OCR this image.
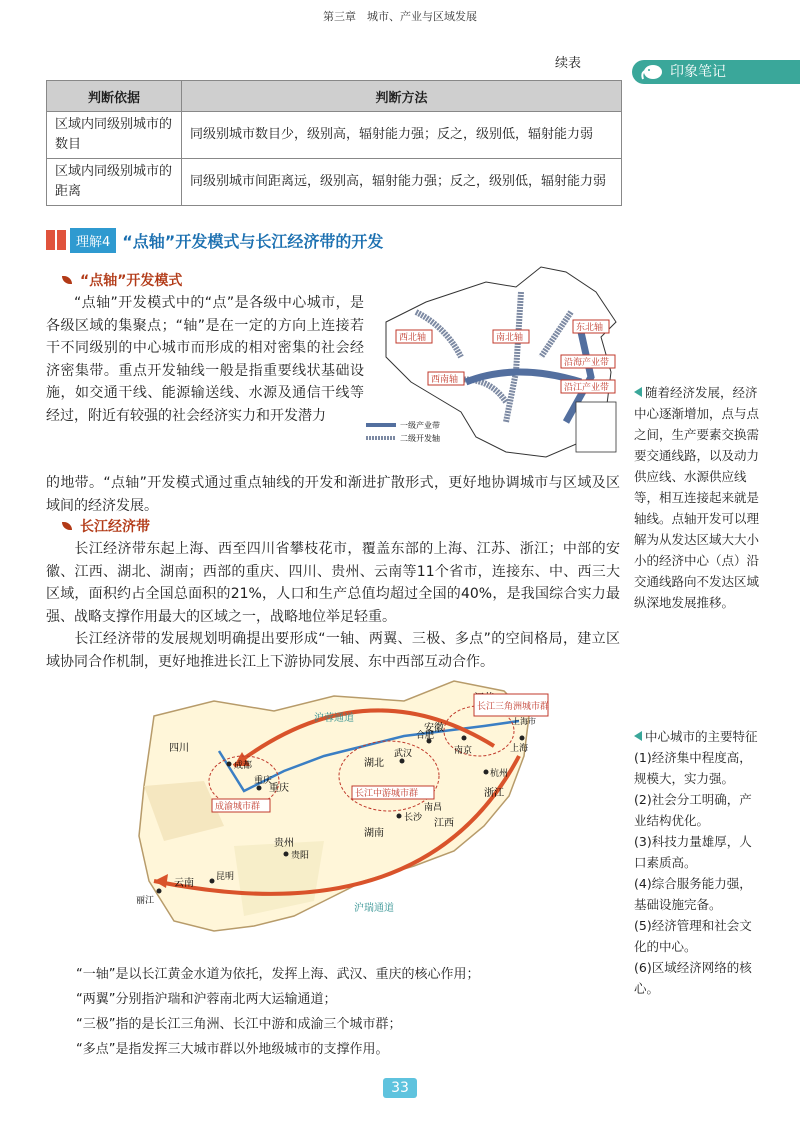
第三章　城市、产业与区域发展
续表
印象笔记
判断依据	判断方法
区域内同级别城市的数目	同级别城市数目少，级别高，辐射能力强；反之，级别低，辐射能力弱
区域内同级别城市的距离	同级别城市间距离远，级别高，辐射能力强；反之，级别低，辐射能力弱
理解4 “点轴”开发模式与长江经济带的开发
“点轴”开发模式
“点轴”开发模式中的“点”是各级中心城市，是各级区域的集聚点；“轴”是在一定的方向上连接若干不同级别的中心城市而形成的相对密集的社会经济密集带。重点开发轴线一般是指重要线状基础设施，如交通干线、能源输送线、水源及通信干线等经过，附近有较强的社会经济实力和开发潜力
的地带。“点轴”开发模式通过重点轴线的开发和渐进扩散形式，更好地协调城市与区域及区域间的经济发展。
西北轴	南北轴
东北轴
沿海产业带
西南轴
沿江产业带
一级产业带
二级开发轴
长江经济带
长江经济带东起上海、西至四川省攀枝花市，覆盖东部的上海、江苏、浙江；中部的安徽、江西、湖北、湖南；西部的重庆、四川、贵州、云南等11个省市，连接东、中、西三大区域，面积约占全国总面积的21%，人口和生产总值均超过全国的40%，是我国综合实力最强、战略支撑作用最大的区域之一，战略地位举足轻重。
长江经济带的发展规划明确提出要形成“一轴、两翼、三极、多点”的空间格局，建立区域协同合作机制，更好地推进长江上下游协同发展、东中西部互动合作。
随着经济发展，经济中心逐渐增加，点与点之间，生产要素交换需要交通线路，以及动力供应线、水源供应线等，相互连接起来就是轴线。点轴开发可以理解为从发达区域大大小小的经济中心（点）沿交通线路向不发达区域纵深地发展推移。
中心城市的主要特征
(1)经济集中程度高，规模大，实力强。
(2)社会分工明确，产业结构优化。
(3)科技力量雄厚，人口素质高。
(4)综合服务能力强，基础设施完备。
(5)经济管理和社会文化的中心。
(6)区域经济网络的核心。
四川
云南
贵州
湖北
湖南
江西
安徽
浙江
重庆
成都
重庆
贵阳
昆明
丽江
武汉
长沙
南昌
合肥
南京
杭州
上海
上海市
成渝城市群
长江中游城市群
长江三角洲城市群
沪蓉通道
沪瑞通道
“一轴”是以长江黄金水道为依托，发挥上海、武汉、重庆的核心作用；
“两翼”分别指沪瑞和沪蓉南北两大运输通道；
“三极”指的是长江三角洲、长江中游和成渝三个城市群；
“多点”是指发挥三大城市群以外地级城市的支撑作用。
33
